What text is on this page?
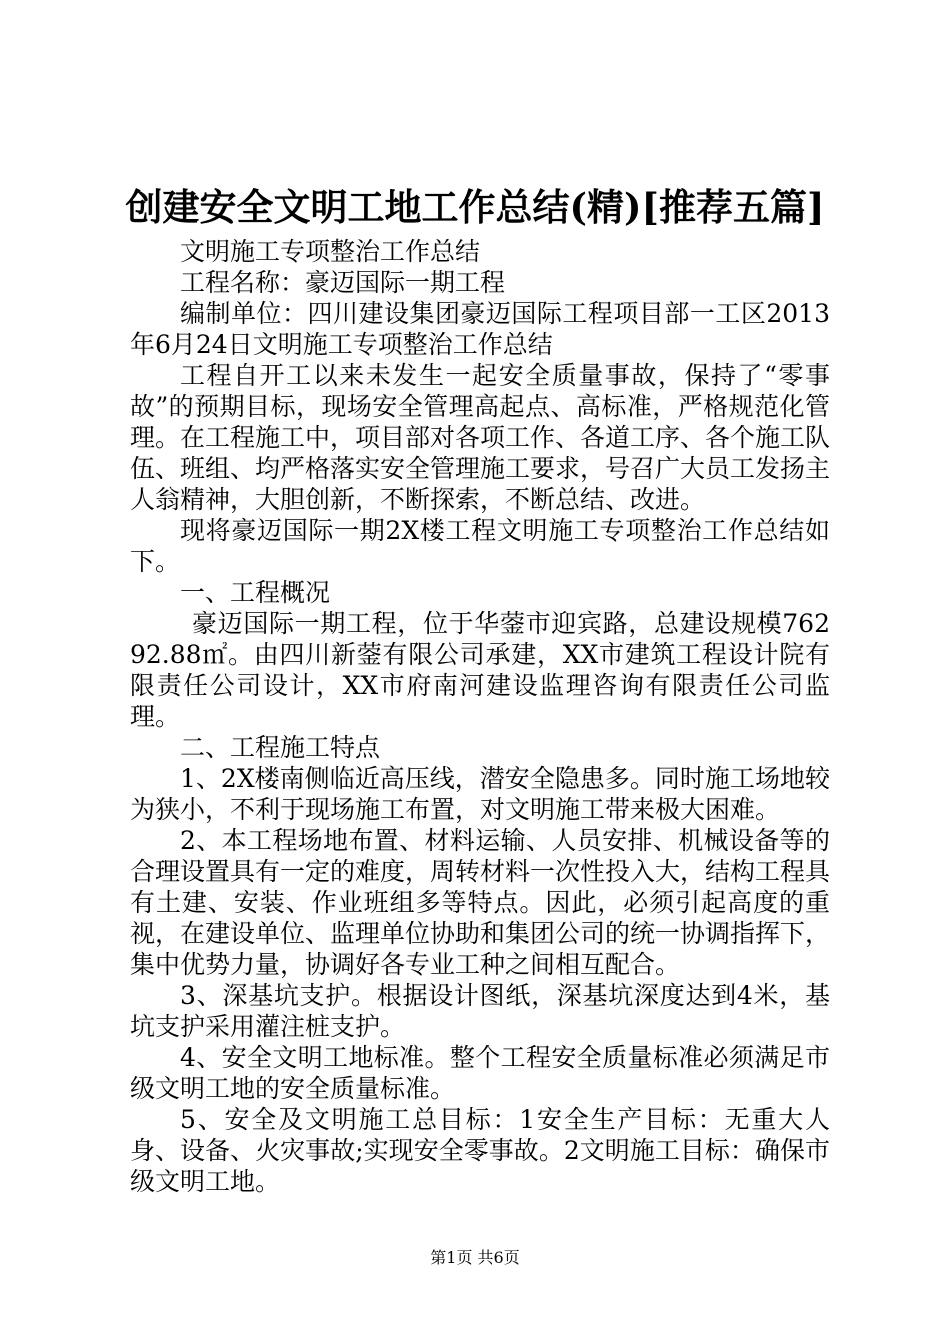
创建安全文明工地工作总结(精)[推荐五篇]

文明施工专项整治工作总结

工程名称：豪迈国际一期工程

编制单位：四川建设集团豪迈国际工程项目部一工区2013年6月24日文明施工专项整治工作总结

工程自开工以来未发生一起安全质量事故，保持了“零事故”的预期目标，现场安全管理高起点、高标准，严格规范化管理。在工程施工中，项目部对各项工作、各道工序、各个施工队伍、班组、均严格落实安全管理施工要求，号召广大员工发扬主人翁精神，大胆创新，不断探索，不断总结、改进。

现将豪迈国际一期2X楼工程文明施工专项整治工作总结如下。

一、工程概况

豪迈国际一期工程，位于华蓥市迎宾路，总建设规模76292.88㎡。由四川新蓥有限公司承建，XX市建筑工程设计院有限责任公司设计，XX市府南河建设监理咨询有限责任公司监理。

二、工程施工特点

1、2X楼南侧临近高压线，潜安全隐患多。同时施工场地较为狭小，不利于现场施工布置，对文明施工带来极大困难。

2、本工程场地布置、材料运输、人员安排、机械设备等的合理设置具有一定的难度，周转材料一次性投入大，结构工程具有土建、安装、作业班组多等特点。因此，必须引起高度的重视，在建设单位、监理单位协助和集团公司的统一协调指挥下，集中优势力量，协调好各专业工种之间相互配合。

3、深基坑支护。根据设计图纸，深基坑深度达到4米，基坑支护采用灌注桩支护。

4、安全文明工地标准。整个工程安全质量标准必须满足市级文明工地的安全质量标准。

5、安全及文明施工总目标：1安全生产目标：无重大人身、设备、火灾事故;实现安全零事故。2文明施工目标：确保市级文明工地。

第1页 共6页
